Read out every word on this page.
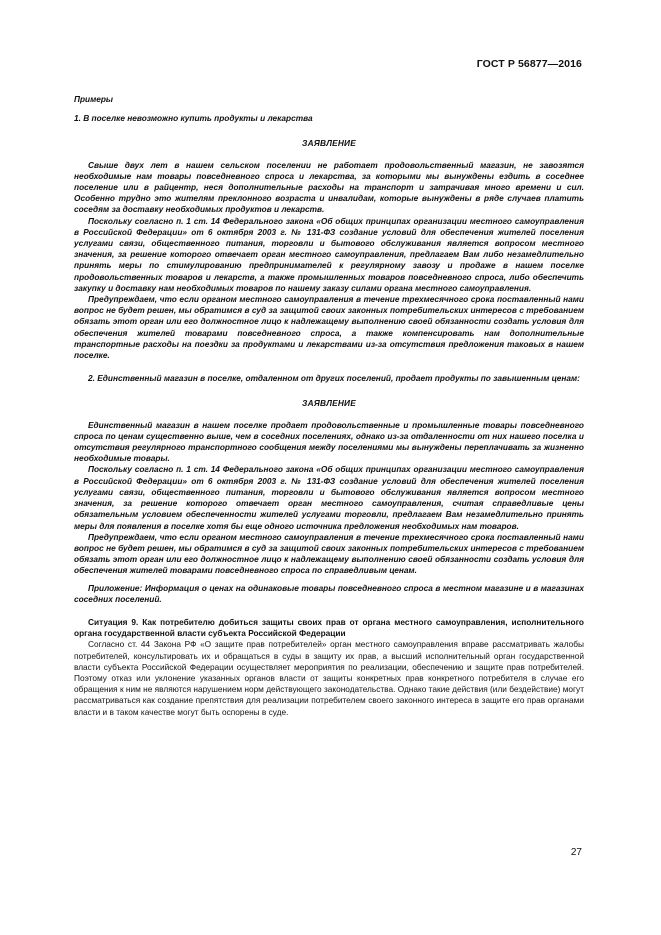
ГОСТ Р 56877—2016

Примеры

1. В поселке невозможно купить продукты и лекарства

ЗАЯВЛЕНИЕ

Свыше двух лет в нашем сельском поселении не работает продовольственный магазин, не завозятся необходимые нам товары повседневного спроса и лекарства, за которыми мы вынуждены ездить в соседнее поселение или в райцентр, неся дополнительные расходы на транспорт и затрачивая много времени и сил. Особенно трудно это жителям преклонного возраста и инвалидам, которые вынуждены в ряде случаев платить соседям за доставку необходимых продуктов и лекарств.

Поскольку согласно п. 1 ст. 14 Федерального закона «Об общих принципах организации местного самоуправления в Российской Федерации» от 6 октября 2003 г. № 131-ФЗ создание условий для обеспечения жителей поселения услугами связи, общественного питания, торговли и бытового обслуживания является вопросом местного значения, за решение которого отвечает орган местного самоуправления, предлагаем Вам либо незамедлительно принять меры по стимулированию предпринимателей к регулярному завозу и продаже в нашем поселке продовольственных товаров и лекарств, а также промышленных товаров повседневного спроса, либо обеспечить закупку и доставку нам необходимых товаров по нашему заказу силами органа местного самоуправления.

Предупреждаем, что если органом местного самоуправления в течение трехмесячного срока поставленный нами вопрос не будет решен, мы обратимся в суд за защитой своих законных потребительских интересов с требованием обязать этот орган или его должностное лицо к надлежащему выполнению своей обязанности создать условия для обеспечения жителей товарами повседневного спроса, а также компенсировать нам дополнительные транспортные расходы на поездки за продуктами и лекарствами из-за отсутствия предложения таковых в нашем поселке.

2. Единственный магазин в поселке, отдаленном от других поселений, продает продукты по завышенным ценам:

ЗАЯВЛЕНИЕ

Единственный магазин в нашем поселке продает продовольственные и промышленные товары повседневного спроса по ценам существенно выше, чем в соседних поселениях, однако из-за отдаленности от них нашего поселка и отсутствия регулярного транспортного сообщения между поселениями мы вынуждены переплачивать за жизненно необходимые товары.

Поскольку согласно п. 1 ст. 14 Федерального закона «Об общих принципах организации местного самоуправления в Российской Федерации» от 6 октября 2003 г. № 131-ФЗ создание условий для обеспечения жителей поселения услугами связи, общественного питания, торговли и бытового обслуживания является вопросом местного значения, за решение которого отвечает орган местного самоуправления, считая справедливые цены обязательным условием обеспеченности жителей услугами торговли, предлагаем Вам незамедлительно принять меры для появления в поселке хотя бы еще одного источника предложения необходимых нам товаров.

Предупреждаем, что если органом местного самоуправления в течение трехмесячного срока поставленный нами вопрос не будет решен, мы обратимся в суд за защитой своих законных потребительских интересов с требованием обязать этот орган или его должностное лицо к надлежащему выполнению своей обязанности создать условия для обеспечения жителей товарами повседневного спроса по справедливым ценам.

Приложение: Информация о ценах на одинаковые товары повседневного спроса в местном магазине и в магазинах соседних поселений.

Ситуация 9. Как потребителю добиться защиты своих прав от органа местного самоуправления, исполнительного органа государственной власти субъекта Российской Федерации

Согласно ст. 44 Закона РФ «О защите прав потребителей» орган местного самоуправления вправе рассматривать жалобы потребителей, консультировать их и обращаться в суды в защиту их прав, а высший исполнительный орган государственной власти субъекта Российской Федерации осуществляет мероприятия по реализации, обеспечению и защите прав потребителей. Поэтому отказ или уклонение указанных органов власти от защиты конкретных прав конкретного потребителя в случае его обращения к ним не являются нарушением норм действующего законодательства. Однако такие действия (или бездействие) могут рассматриваться как создание препятствия для реализации потребителем своего законного интереса в защите его прав органами власти и в таком качестве могут быть оспорены в суде.

27
